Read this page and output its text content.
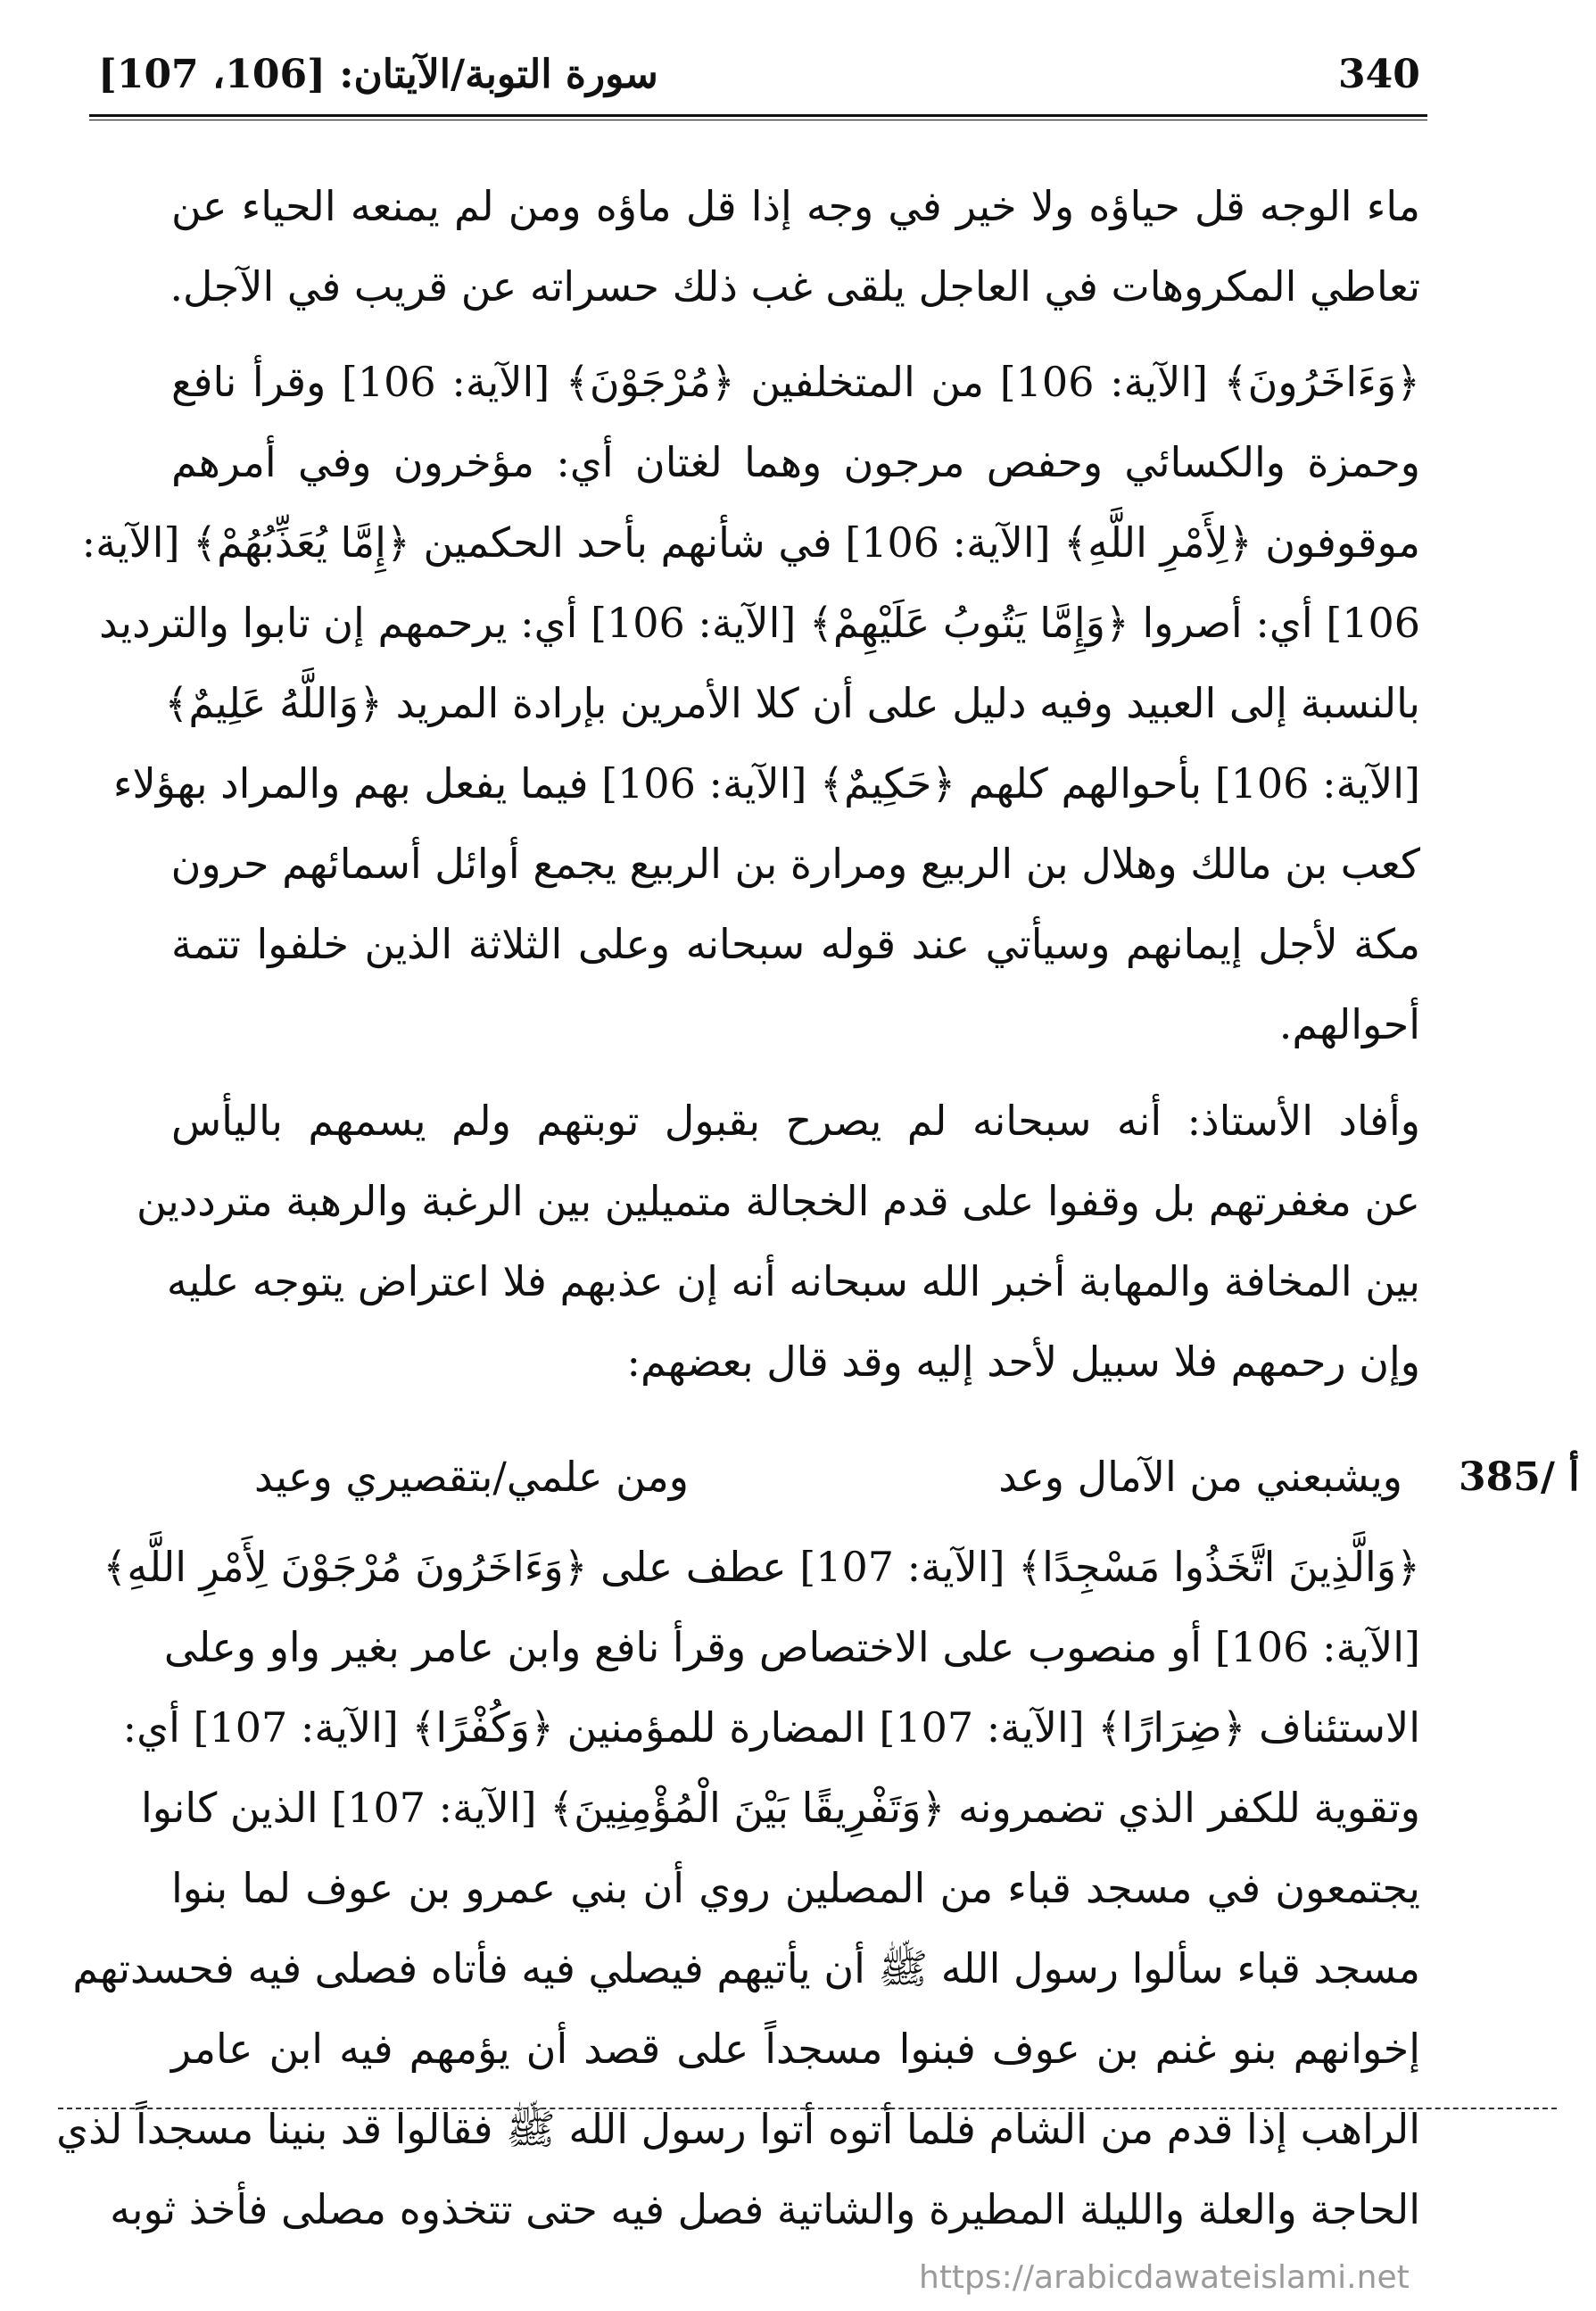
340
سورة التوبة/الآيتان: [106، 107]
ماء الوجه قل حياؤه ولا خير في وجه إذا قل ماؤه ومن لم يمنعه الحياء عن
تعاطي المكروهات في العاجل يلقى غب ذلك حسراته عن قريب في الآجل.
﴿وَءَاخَرُونَ﴾ [الآية: 106] من المتخلفين ﴿مُرْجَوْنَ﴾ [الآية: 106] وقرأ نافع
وحمزة والكسائي وحفص مرجون وهما لغتان أي: مؤخرون وفي أمرهم
موقوفون ﴿لِأَمْرِ اللَّهِ﴾ [الآية: 106] في شأنهم بأحد الحكمين ﴿إِمَّا يُعَذِّبُهُمْ﴾ [الآية:
106] أي: أصروا ﴿وَإِمَّا يَتُوبُ عَلَيْهِمْ﴾ [الآية: 106] أي: يرحمهم إن تابوا والترديد
بالنسبة إلى العبيد وفيه دليل على أن كلا الأمرين بإرادة المريد ﴿وَاللَّهُ عَلِيمٌ﴾
[الآية: 106] بأحوالهم كلهم ﴿حَكِيمٌ﴾ [الآية: 106] فيما يفعل بهم والمراد بهؤلاء
كعب بن مالك وهلال بن الربيع ومرارة بن الربيع يجمع أوائل أسمائهم حرون
مكة لأجل إيمانهم وسيأتي عند قوله سبحانه وعلى الثلاثة الذين خلفوا تتمة
أحوالهم.
وأفاد الأستاذ: أنه سبحانه لم يصرح بقبول توبتهم ولم يسمهم باليأس
عن مغفرتهم بل وقفوا على قدم الخجالة متميلين بين الرغبة والرهبة مترددين
بين المخافة والمهابة أخبر الله سبحانه أنه إن عذبهم فلا اعتراض يتوجه عليه
وإن رحمهم فلا سبيل لأحد إليه وقد قال بعضهم:
385/ أ
ويشبعني من الآمال وعد
ومن علمي/بتقصيري وعيد
﴿وَالَّذِينَ اتَّخَذُوا مَسْجِدًا﴾ [الآية: 107] عطف على ﴿وَءَاخَرُونَ مُرْجَوْنَ لِأَمْرِ اللَّهِ﴾
[الآية: 106] أو منصوب على الاختصاص وقرأ نافع وابن عامر بغير واو وعلى
الاستئناف ﴿ضِرَارًا﴾ [الآية: 107] المضارة للمؤمنين ﴿وَكُفْرًا﴾ [الآية: 107] أي:
وتقوية للكفر الذي تضمرونه ﴿وَتَفْرِيقًا بَيْنَ الْمُؤْمِنِينَ﴾ [الآية: 107] الذين كانوا
يجتمعون في مسجد قباء من المصلين روي أن بني عمرو بن عوف لما بنوا
مسجد قباء سألوا رسول الله ﷺ أن يأتيهم فيصلي فيه فأتاه فصلى فيه فحسدتهم
إخوانهم بنو غنم بن عوف فبنوا مسجداً على قصد أن يؤمهم فيه ابن عامر
الراهب إذا قدم من الشام فلما أتوه أتوا رسول الله ﷺ فقالوا قد بنينا مسجداً لذي
الحاجة والعلة والليلة المطيرة والشاتية فصل فيه حتى تتخذوه مصلى فأخذ ثوبه
https://arabicdawateislami.net
